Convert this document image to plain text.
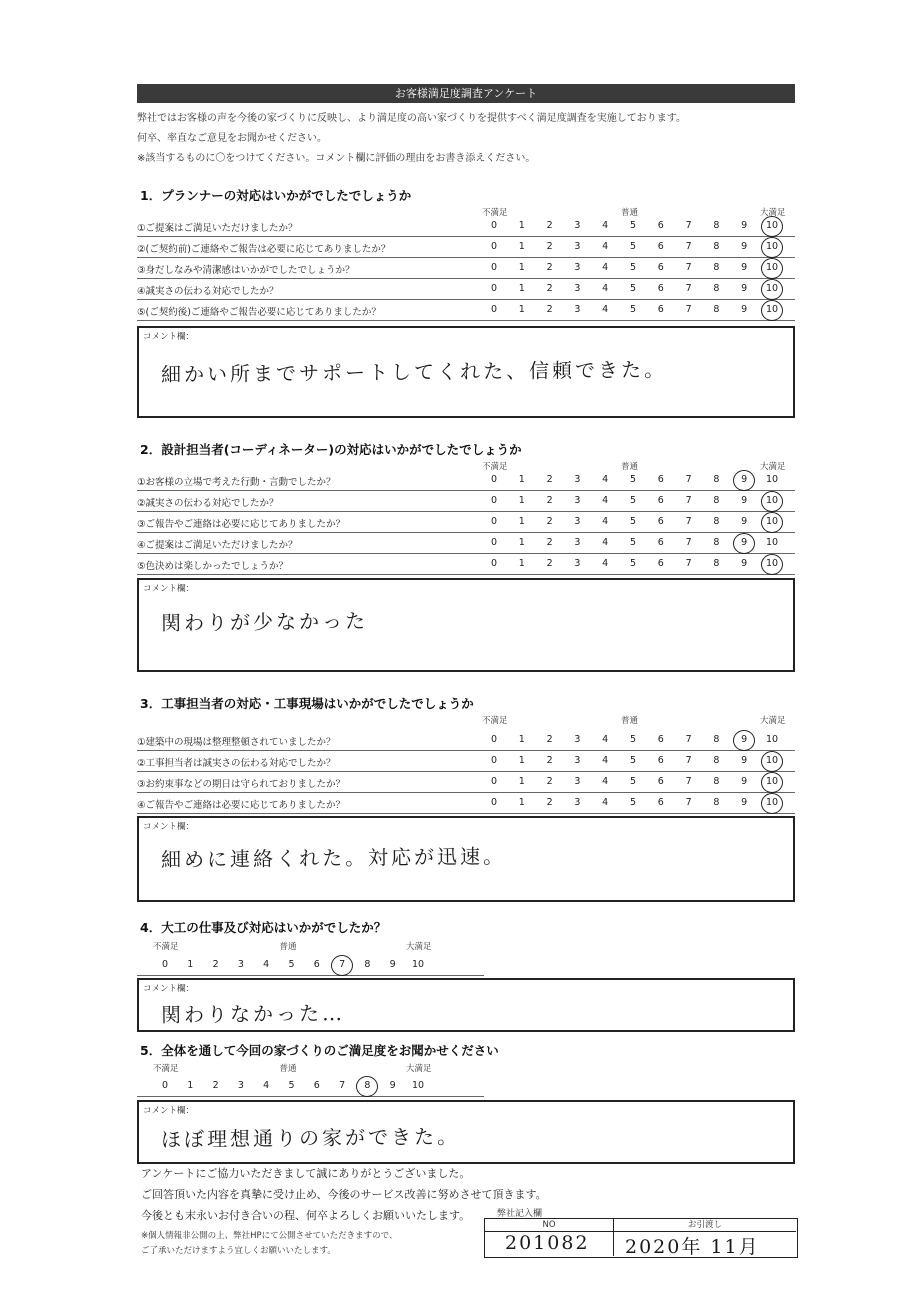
お客様満足度調査アンケート
弊社ではお客様の声を今後の家づくりに反映し、より満足度の高い家づくりを提供すべく満足度調査を実施しております。
何卒、率直なご意見をお聞かせください。
※該当するものに〇をつけてください。コメント欄に評価の理由をお書き添えください。
1．プランナーの対応はいかがでしたでしょうか
①ご提案はご満足いただけましたか？	0	1	2	3	4	5	6	7	8	9	10
②(ご契約前)ご連絡やご報告は必要に応じてありましたか？	0	1	2	3	4	5	6	7	8	9	10
③身だしなみや清潔感はいかがでしたでしょうか？	0	1	2	3	4	5	6	7	8	9	10
④誠実さの伝わる対応でしたか？	0	1	2	3	4	5	6	7	8	9	10
⑤(ご契約後)ご連絡やご報告必要に応じてありましたか？	0	1	2	3	4	5	6	7	8	9	10
コメント欄：
細かい所までサポートしてくれた、信頼できた。
2．設計担当者(コーディネーター)の対応はいかがでしたでしょうか
①お客様の立場で考えた行動・言動でしたか？	0	1	2	3	4	5	6	7	8	9	10
②誠実さの伝わる対応でしたか？	0	1	2	3	4	5	6	7	8	9	10
③ご報告やご連絡は必要に応じてありましたか？	0	1	2	3	4	5	6	7	8	9	10
④ご提案はご満足いただけましたか？	0	1	2	3	4	5	6	7	8	9	10
⑤色決めは楽しかったでしょうか？	0	1	2	3	4	5	6	7	8	9	10
コメント欄：
関わりが少なかった
3．工事担当者の対応・工事現場はいかがでしたでしょうか
①建築中の現場は整理整頓されていましたか？	0	1	2	3	4	5	6	7	8	9	10
②工事担当者は誠実さの伝わる対応でしたか？	0	1	2	3	4	5	6	7	8	9	10
③お約束事などの期日は守られておりましたか？	0	1	2	3	4	5	6	7	8	9	10
④ご報告やご連絡は必要に応じてありましたか？	0	1	2	3	4	5	6	7	8	9	10
コメント欄：
細めに連絡くれた。対応が迅速。
4．大工の仕事及び対応はいかがでしたか？
0	1	2	3	4	5	6	7	8	9	10
コメント欄：
関わりなかった…
5．全体を通して今回の家づくりのご満足度をお聞かせください
0	1	2	3	4	5	6	7	8	9	10
コメント欄：
ほぼ理想通りの家ができた。
アンケートにご協力いただきまして誠にありがとうございました。
ご回答頂いた内容を真摯に受け止め、今後のサービス改善に努めさせて頂きます。
今後とも末永いお付き合いの程、何卒よろしくお願いいたします。
※個人情報非公開の上、弊社HPにて公開させていただきますので、
ご了承いただけますよう宜しくお願いいたします。
弊社記入欄
NO	お引渡し
201082 2020年 11月
不満足	普通	大満足
不満足	普通	大満足
不満足	普通	大満足
不満足	普通	大満足
不満足	普通	大満足
